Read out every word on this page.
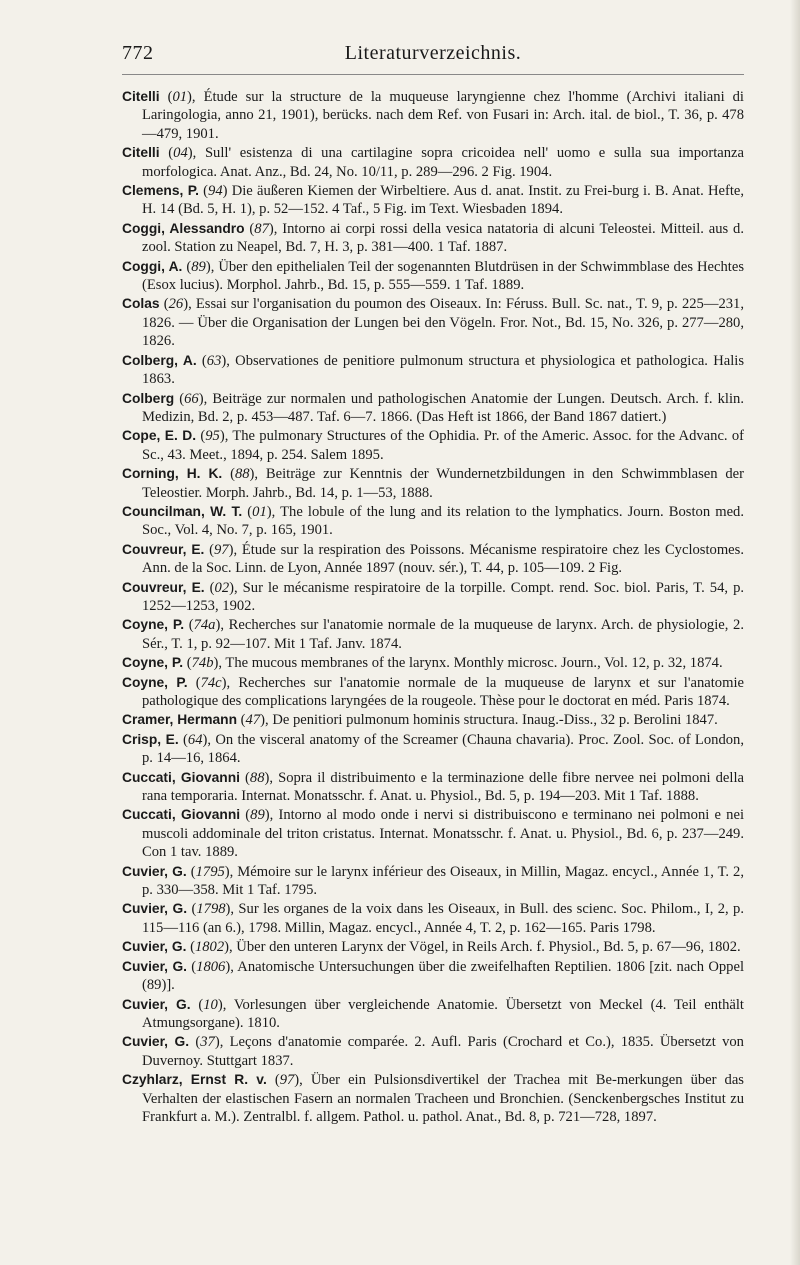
772	Literaturverzeichnis.

Citelli (01), Étude sur la structure de la muqueuse laryngienne chez l'homme (Archivi italiani di Laringologia, anno 21, 1901), berücks. nach dem Ref. von Fusari in: Arch. ital. de biol., T. 36, p. 478—479, 1901.

Citelli (04), Sull' esistenza di una cartilagine sopra cricoidea nell' uomo e sulla sua importanza morfologica. Anat. Anz., Bd. 24, No. 10/11, p. 289—296. 2 Fig. 1904.

Clemens, P. (94) Die äußeren Kiemen der Wirbeltiere. Aus d. anat. Instit. zu Frei-burg i. B. Anat. Hefte, H. 14 (Bd. 5, H. 1), p. 52—152. 4 Taf., 5 Fig. im Text. Wiesbaden 1894.

Coggi, Alessandro (87), Intorno ai corpi rossi della vesica natatoria di alcuni Teleostei. Mitteil. aus d. zool. Station zu Neapel, Bd. 7, H. 3, p. 381—400. 1 Taf. 1887.

Coggi, A. (89), Über den epithelialen Teil der sogenannten Blutdrüsen in der Schwimmblase des Hechtes (Esox lucius). Morphol. Jahrb., Bd. 15, p. 555—559. 1 Taf. 1889.

Colas (26), Essai sur l'organisation du poumon des Oiseaux. In: Féruss. Bull. Sc. nat., T. 9, p. 225—231, 1826. — Über die Organisation der Lungen bei den Vögeln. Fror. Not., Bd. 15, No. 326, p. 277—280, 1826.

Colberg, A. (63), Observationes de penitiore pulmonum structura et physiologica et pathologica. Halis 1863.

Colberg (66), Beiträge zur normalen und pathologischen Anatomie der Lungen. Deutsch. Arch. f. klin. Medizin, Bd. 2, p. 453—487. Taf. 6—7. 1866. (Das Heft ist 1866, der Band 1867 datiert.)

Cope, E. D. (95), The pulmonary Structures of the Ophidia. Pr. of the Americ. Assoc. for the Advanc. of Sc., 43. Meet., 1894, p. 254. Salem 1895.

Corning, H. K. (88), Beiträge zur Kenntnis der Wundernetzbildungen in den Schwimmblasen der Teleostier. Morph. Jahrb., Bd. 14, p. 1—53, 1888.

Councilman, W. T. (01), The lobule of the lung and its relation to the lymphatics. Journ. Boston med. Soc., Vol. 4, No. 7, p. 165, 1901.

Couvreur, E. (97), Étude sur la respiration des Poissons. Mécanisme respiratoire chez les Cyclostomes. Ann. de la Soc. Linn. de Lyon, Année 1897 (nouv. sér.), T. 44, p. 105—109. 2 Fig.

Couvreur, E. (02), Sur le mécanisme respiratoire de la torpille. Compt. rend. Soc. biol. Paris, T. 54, p. 1252—1253, 1902.

Coyne, P. (74a), Recherches sur l'anatomie normale de la muqueuse de larynx. Arch. de physiologie, 2. Sér., T. 1, p. 92—107. Mit 1 Taf. Janv. 1874.

Coyne, P. (74b), The mucous membranes of the larynx. Monthly microsc. Journ., Vol. 12, p. 32, 1874.

Coyne, P. (74c), Recherches sur l'anatomie normale de la muqueuse de larynx et sur l'anatomie pathologique des complications laryngées de la rougeole. Thèse pour le doctorat en méd. Paris 1874.

Cramer, Hermann (47), De penitiori pulmonum hominis structura. Inaug.-Diss., 32 p. Berolini 1847.

Crisp, E. (64), On the visceral anatomy of the Screamer (Chauna chavaria). Proc. Zool. Soc. of London, p. 14—16, 1864.

Cuccati, Giovanni (88), Sopra il distribuimento e la terminazione delle fibre nervee nei polmoni della rana temporaria. Internat. Monatsschr. f. Anat. u. Physiol., Bd. 5, p. 194—203. Mit 1 Taf. 1888.

Cuccati, Giovanni (89), Intorno al modo onde i nervi si distribuiscono e terminano nei polmoni e nei muscoli addominale del triton cristatus. Internat. Monatsschr. f. Anat. u. Physiol., Bd. 6, p. 237—249. Con 1 tav. 1889.

Cuvier, G. (1795), Mémoire sur le larynx inférieur des Oiseaux, in Millin, Magaz. encycl., Année 1, T. 2, p. 330—358. Mit 1 Taf. 1795.

Cuvier, G. (1798), Sur les organes de la voix dans les Oiseaux, in Bull. des scienc. Soc. Philom., I, 2, p. 115—116 (an 6.), 1798. Millin, Magaz. encycl., Année 4, T. 2, p. 162—165. Paris 1798.

Cuvier, G. (1802), Über den unteren Larynx der Vögel, in Reils Arch. f. Physiol., Bd. 5, p. 67—96, 1802.

Cuvier, G. (1806), Anatomische Untersuchungen über die zweifelhaften Reptilien. 1806 [zit. nach Oppel (89)].

Cuvier, G. (10), Vorlesungen über vergleichende Anatomie. Übersetzt von Meckel (4. Teil enthält Atmungsorgane). 1810.

Cuvier, G. (37), Leçons d'anatomie comparée. 2. Aufl. Paris (Crochard et Co.), 1835. Übersetzt von Duvernoy. Stuttgart 1837.

Czyhlarz, Ernst R. v. (97), Über ein Pulsionsdivertikel der Trachea mit Be-merkungen über das Verhalten der elastischen Fasern an normalen Tracheen und Bronchien. (Senckenbergsches Institut zu Frankfurt a. M.). Zentralbl. f. allgem. Pathol. u. pathol. Anat., Bd. 8, p. 721—728, 1897.
